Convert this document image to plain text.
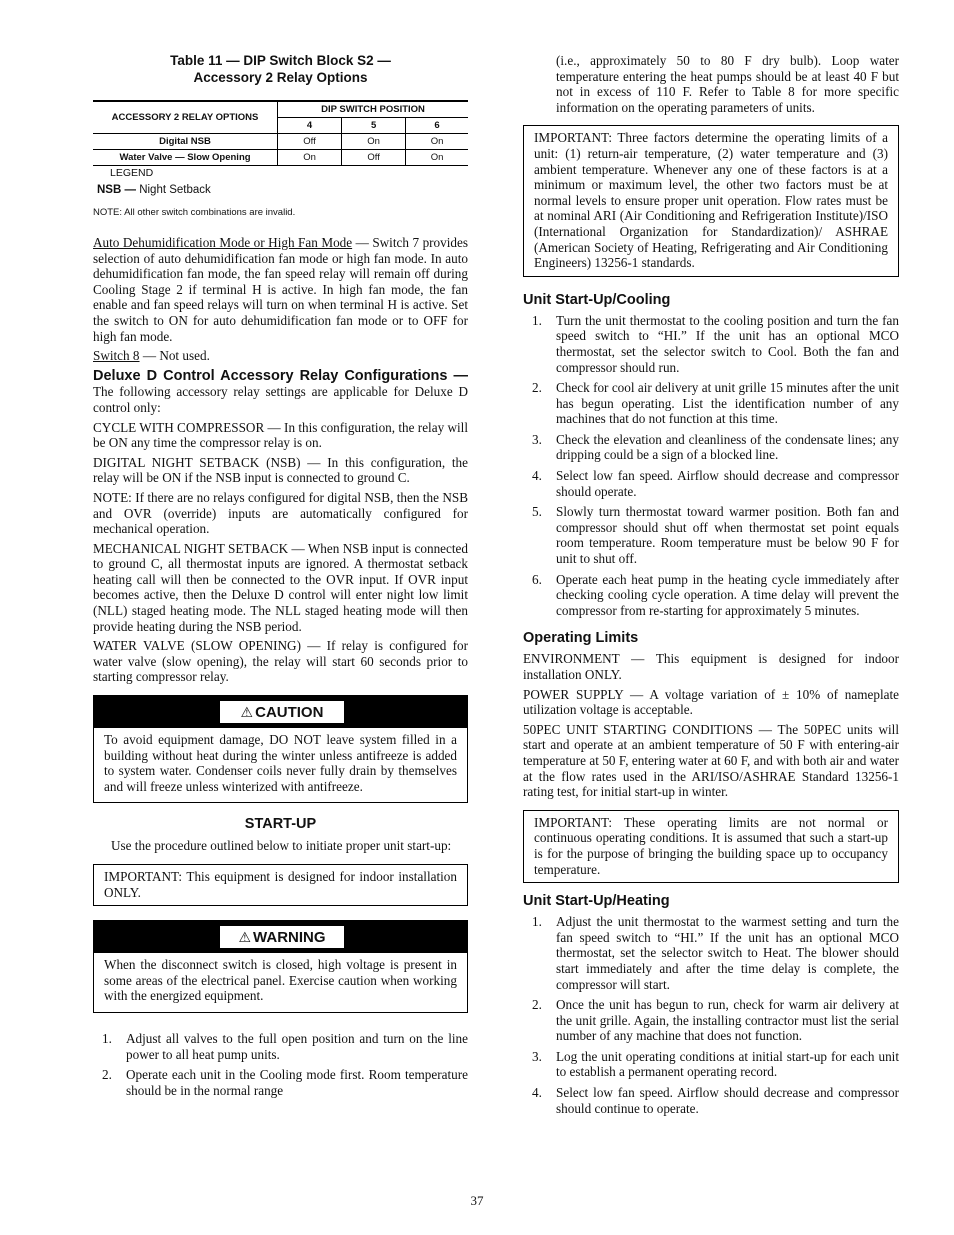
Table 11 — DIP Switch Block S2 —
Accessory 2 Relay Options
ACCESSORY 2 RELAY OPTIONS	DIP SWITCH POSITION		
	4	5	6
Digital NSB	Off	On	On
Water Valve — Slow Opening	On	Off	On
LEGEND
NSB — Night Setback
NOTE: All other switch combinations are invalid.

Auto Dehumidification Mode or High Fan Mode — Switch 7 provides selection of auto dehumidification fan mode or high fan mode. In auto dehumidification fan mode, the fan speed relay will remain off during Cooling Stage 2 if terminal H is active. In high fan mode, the fan enable and fan speed relays will turn on when terminal H is active. Set the switch to ON for auto dehumidification fan mode or to OFF for high fan mode.

Switch 8 — Not used.

Deluxe D Control Accessory Relay Configurations — The following accessory relay settings are applicable for Deluxe D control only:

CYCLE WITH COMPRESSOR — In this configuration, the relay will be ON any time the compressor relay is on.

DIGITAL NIGHT SETBACK (NSB) — In this configuration, the relay will be ON if the NSB input is connected to ground C.

NOTE: If there are no relays configured for digital NSB, then the NSB and OVR (override) inputs are automatically configured for mechanical operation.

MECHANICAL NIGHT SETBACK — When NSB input is connected to ground C, all thermostat inputs are ignored. A thermostat setback heating call will then be connected to the OVR input. If OVR input becomes active, then the Deluxe D control will enter night low limit (NLL) staged heating mode. The NLL staged heating mode will then provide heating during the NSB period.

WATER VALVE (SLOW OPENING) — If relay is configured for water valve (slow opening), the relay will start 60 seconds prior to starting compressor relay.

⚠ CAUTION

To avoid equipment damage, DO NOT leave system filled in a building without heat during the winter unless antifreeze is added to system water. Condenser coils never fully drain by themselves and will freeze unless winterized with antifreeze.

START-UP

Use the procedure outlined below to initiate proper unit start-up:

IMPORTANT: This equipment is designed for indoor installation ONLY.

⚠ WARNING

When the disconnect switch is closed, high voltage is present in some areas of the electrical panel. Exercise caution when working with the energized equipment.

1. Adjust all valves to the full open position and turn on the line power to all heat pump units.
2. Operate each unit in the Cooling mode first. Room temperature should be in the normal range

(i.e., approximately 50 to 80 F dry bulb). Loop water temperature entering the heat pumps should be at least 40 F but not in excess of 110 F. Refer to Table 8 for more specific information on the operating parameters of units.

IMPORTANT: Three factors determine the operating limits of a unit: (1) return-air temperature, (2) water temperature and (3) ambient temperature. Whenever any one of these factors is at a minimum or maximum level, the other two factors must be at normal levels to ensure proper unit operation. Flow rates must be at nominal ARI (Air Conditioning and Refrigeration Institute)/ISO (International Organization for Standardization)/ ASHRAE (American Society of Heating, Refrigerating and Air Conditioning Engineers) 13256-1 standards.

Unit Start-Up/Cooling
1. Turn the unit thermostat to the cooling position and turn the fan speed switch to “HI.” If the unit has an optional MCO thermostat, set the selector switch to Cool. Both the fan and compressor should run.
2. Check for cool air delivery at unit grille 15 minutes after the unit has begun operating. List the identification number of any machines that do not function at this time.
3. Check the elevation and cleanliness of the condensate lines; any dripping could be a sign of a blocked line.
4. Select low fan speed. Airflow should decrease and compressor should operate.
5. Slowly turn thermostat toward warmer position. Both fan and compressor should shut off when thermostat set point equals room temperature. Room temperature must be below 90 F for unit to shut off.
6. Operate each heat pump in the heating cycle immediately after checking cooling cycle operation. A time delay will prevent the compressor from re-starting for approximately 5 minutes.
Operating Limits

ENVIRONMENT — This equipment is designed for indoor installation ONLY.

POWER SUPPLY — A voltage variation of ± 10% of nameplate utilization voltage is acceptable.

50PEC UNIT STARTING CONDITIONS — The 50PEC units will start and operate at an ambient temperature of 50 F with entering-air temperature at 50 F, entering water at 60 F, and with both air and water at the flow rates used in the ARI/ISO/ASHRAE Standard 13256-1 rating test, for initial start-up in winter.

IMPORTANT: These operating limits are not normal or continuous operating conditions. It is assumed that such a start-up is for the purpose of bringing the building space up to occupancy temperature.

Unit Start-Up/Heating
1. Adjust the unit thermostat to the warmest setting and turn the fan speed switch to “HI.” If the unit has an optional MCO thermostat, set the selector switch to Heat. The blower should start immediately and after the time delay is complete, the compressor will start.
2. Once the unit has begun to run, check for warm air delivery at the unit grille. Again, the installing contractor must list the serial number of any machine that does not function.
3. Log the unit operating conditions at initial start-up for each unit to establish a permanent operating record.
4. Select low fan speed. Airflow should decrease and compressor should continue to operate.
37
